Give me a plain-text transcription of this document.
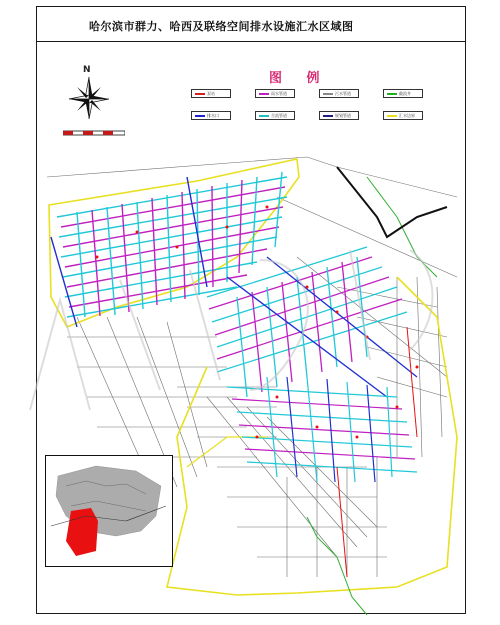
哈尔滨市群力、哈西及联络空间排水设施汇水区域图
N
图 例
泵站	雨水管道	污水管道	截流井
排水口	合流管道	规划管道	汇水边界
